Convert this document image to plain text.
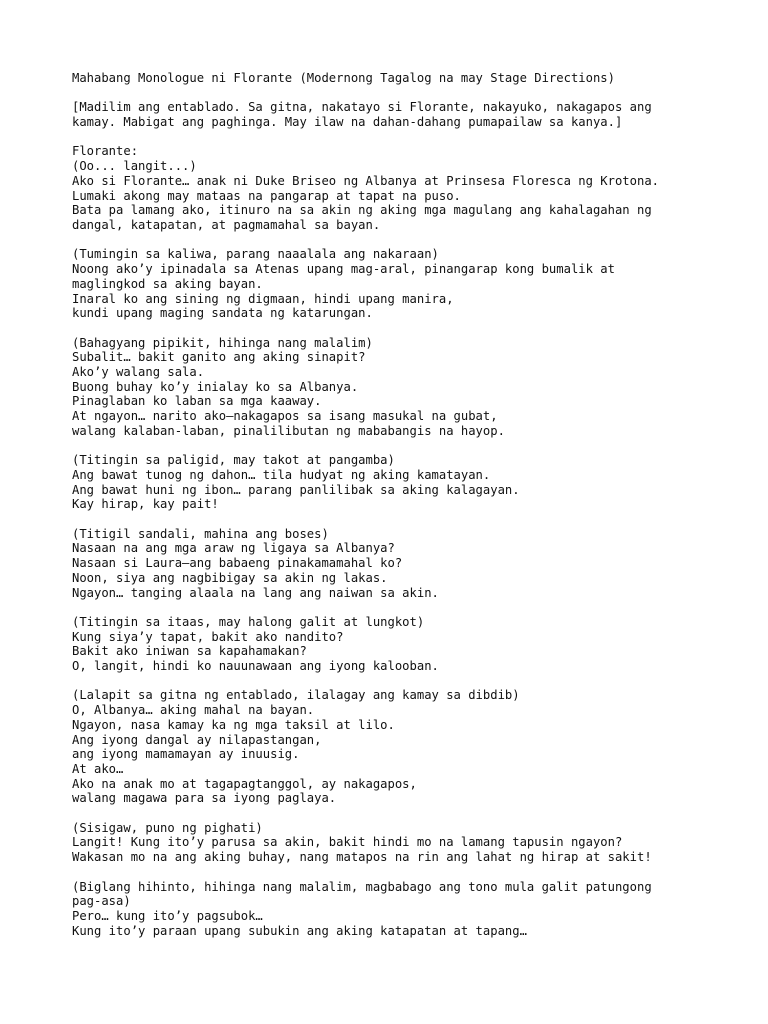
Mahabang Monologue ni Florante (Modernong Tagalog na may Stage Directions)
[Madilim ang entablado. Sa gitna, nakatayo si Florante, nakayuko, nakagapos ang
kamay. Mabigat ang paghinga. May ilaw na dahan-dahang pumapailaw sa kanya.]
Florante:
(Oo... langit...)
Ako si Florante… anak ni Duke Briseo ng Albanya at Prinsesa Floresca ng Krotona.
Lumaki akong may mataas na pangarap at tapat na puso.
Bata pa lamang ako, itinuro na sa akin ng aking mga magulang ang kahalagahan ng
dangal, katapatan, at pagmamahal sa bayan.
(Tumingin sa kaliwa, parang naaalala ang nakaraan)
Noong ako’y ipinadala sa Atenas upang mag-aral, pinangarap kong bumalik at
maglingkod sa aking bayan.
Inaral ko ang sining ng digmaan, hindi upang manira,
kundi upang maging sandata ng katarungan.
(Bahagyang pipikit, hihinga nang malalim)
Subalit… bakit ganito ang aking sinapit?
Ako’y walang sala.
Buong buhay ko’y inialay ko sa Albanya.
Pinaglaban ko laban sa mga kaaway.
At ngayon… narito ako—nakagapos sa isang masukal na gubat,
walang kalaban-laban, pinalilibutan ng mababangis na hayop.
(Titingin sa paligid, may takot at pangamba)
Ang bawat tunog ng dahon… tila hudyat ng aking kamatayan.
Ang bawat huni ng ibon… parang panlilibak sa aking kalagayan.
Kay hirap, kay pait!
(Titigil sandali, mahina ang boses)
Nasaan na ang mga araw ng ligaya sa Albanya?
Nasaan si Laura—ang babaeng pinakamamahal ko?
Noon, siya ang nagbibigay sa akin ng lakas.
Ngayon… tanging alaala na lang ang naiwan sa akin.
(Titingin sa itaas, may halong galit at lungkot)
Kung siya’y tapat, bakit ako nandito?
Bakit ako iniwan sa kapahamakan?
O, langit, hindi ko nauunawaan ang iyong kalooban.
(Lalapit sa gitna ng entablado, ilalagay ang kamay sa dibdib)
O, Albanya… aking mahal na bayan.
Ngayon, nasa kamay ka ng mga taksil at lilo.
Ang iyong dangal ay nilapastangan,
ang iyong mamamayan ay inuusig.
At ako…
Ako na anak mo at tagapagtanggol, ay nakagapos,
walang magawa para sa iyong paglaya.
(Sisigaw, puno ng pighati)
Langit! Kung ito’y parusa sa akin, bakit hindi mo na lamang tapusin ngayon?
Wakasan mo na ang aking buhay, nang matapos na rin ang lahat ng hirap at sakit!
(Biglang hihinto, hihinga nang malalim, magbabago ang tono mula galit patungong
pag-asa)
Pero… kung ito’y pagsubok…
Kung ito’y paraan upang subukin ang aking katapatan at tapang…
